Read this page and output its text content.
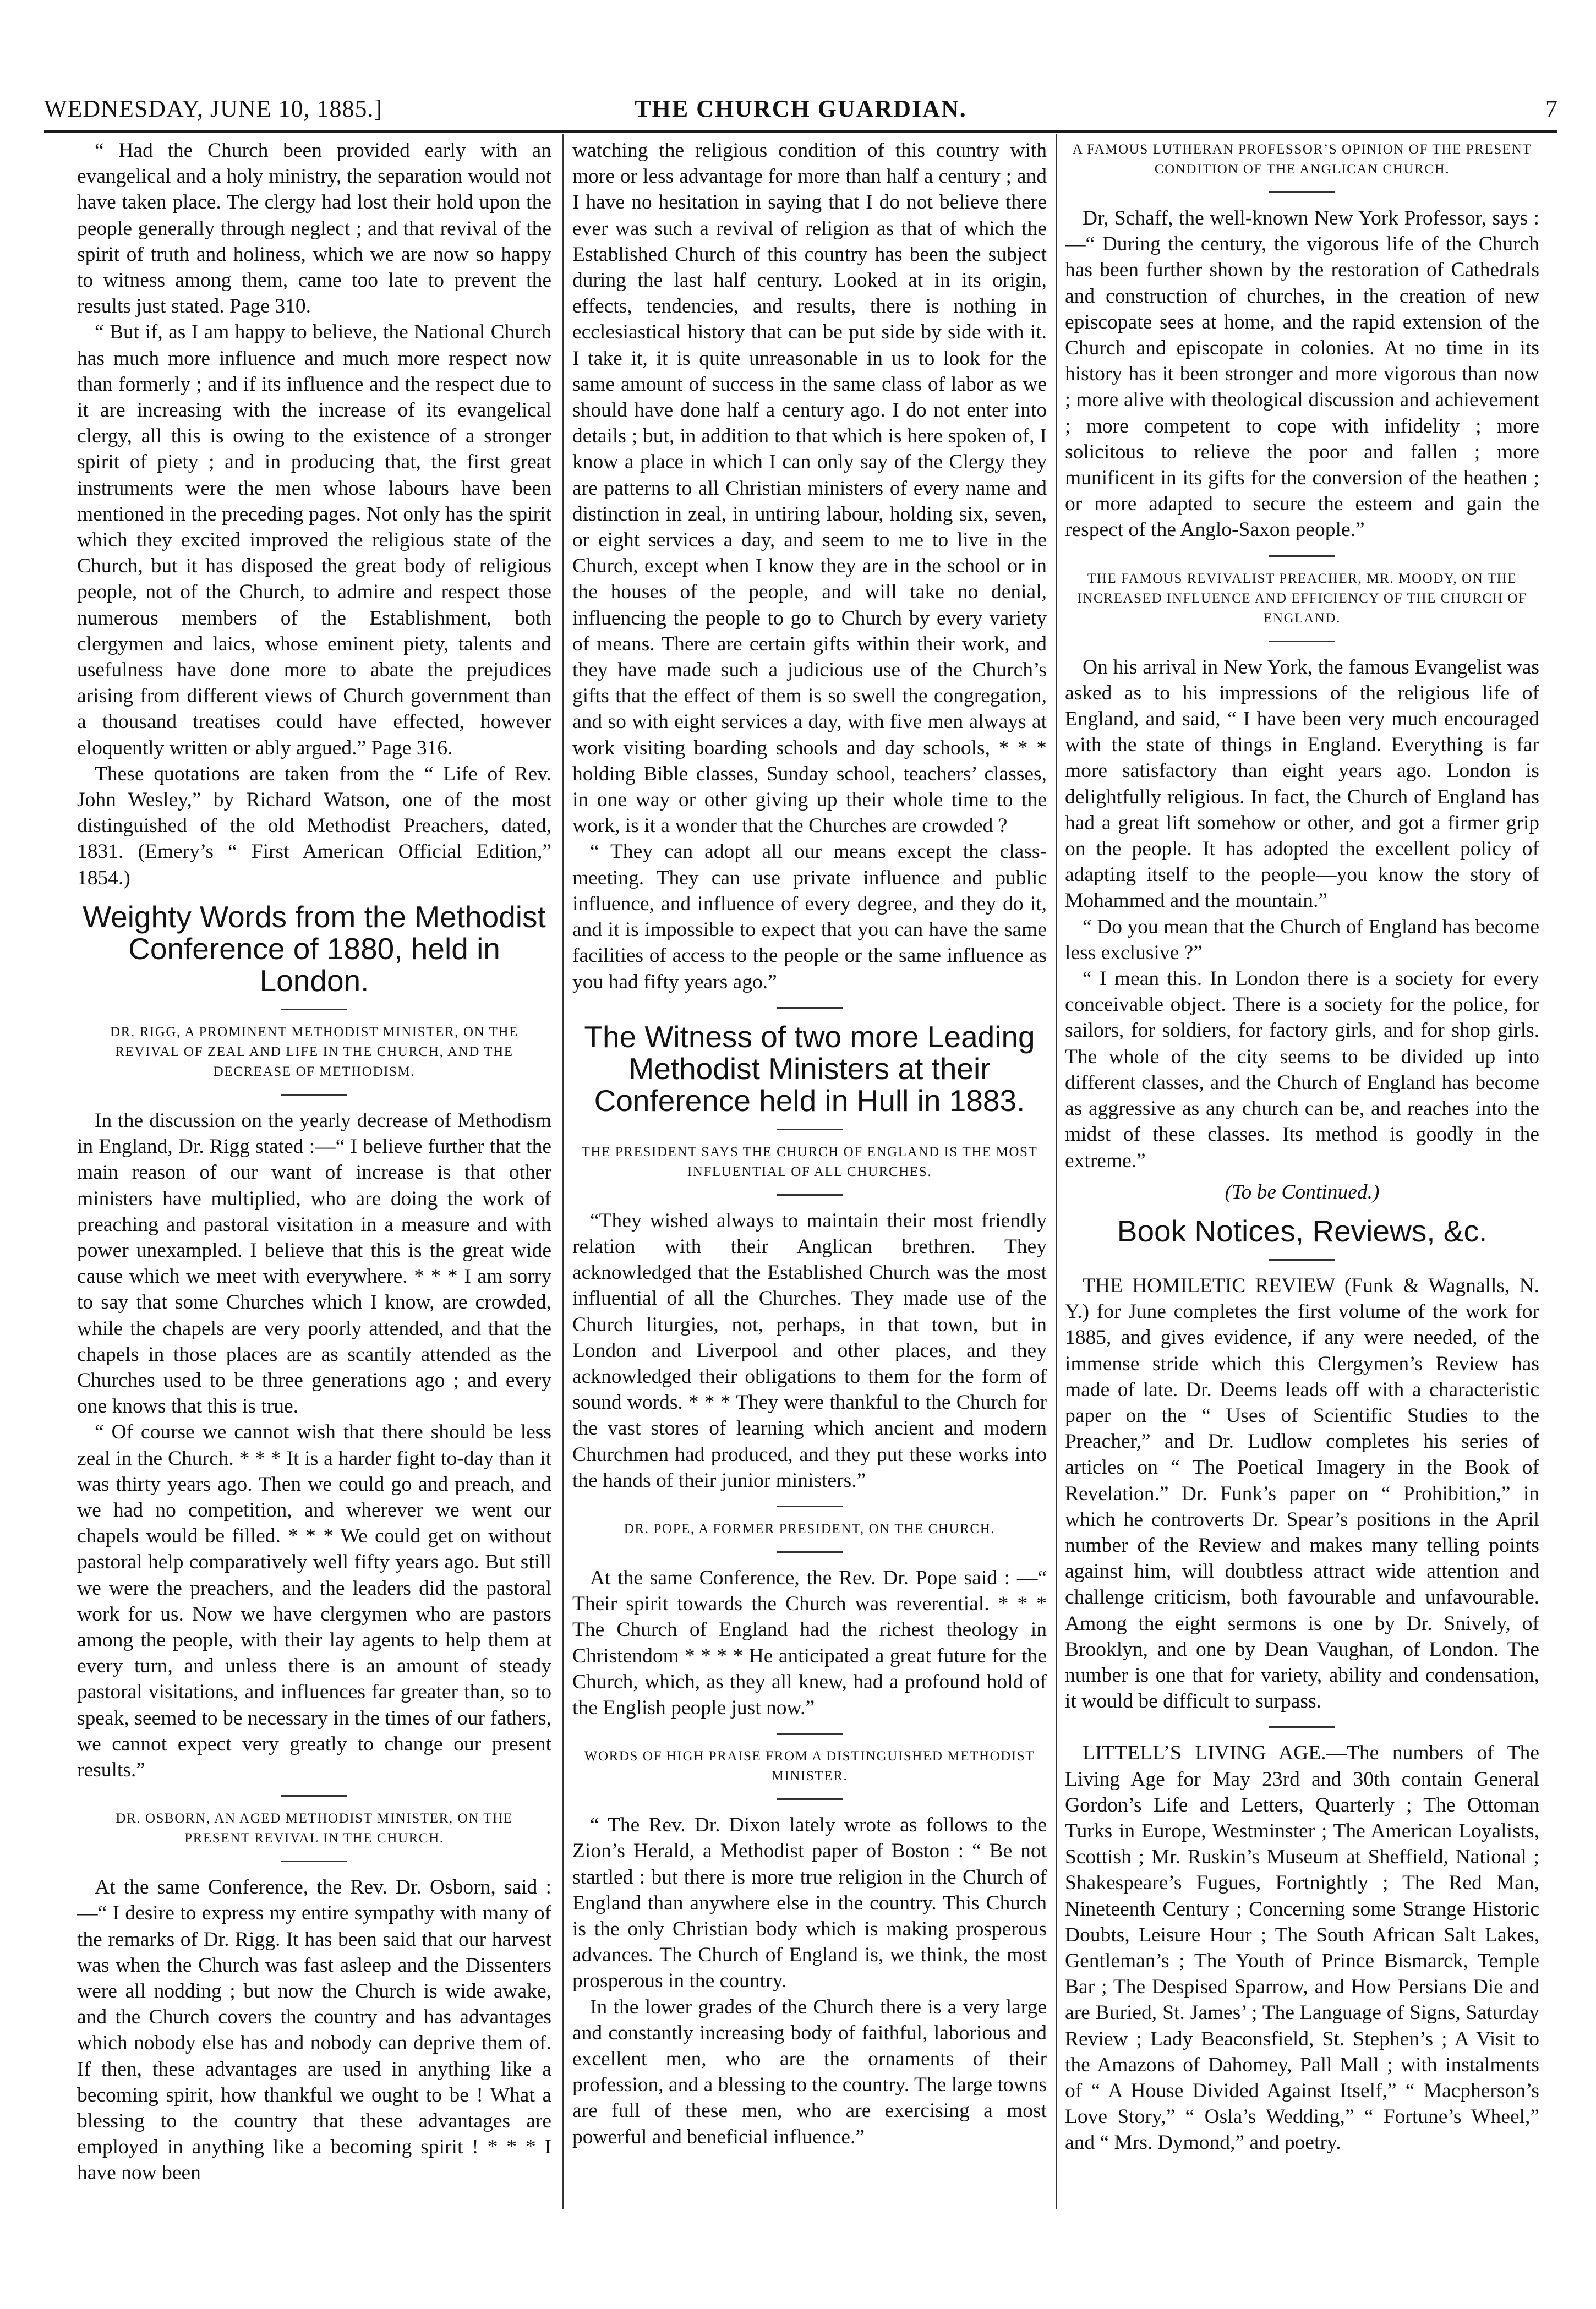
WEDNESDAY, JUNE 10, 1885.]	THE CHURCH GUARDIAN.	7

“ Had the Church been provided early with an evangelical and a holy ministry, the separation would not have taken place. The clergy had lost their hold upon the people generally through neglect ; and that revival of the spirit of truth and holiness, which we are now so happy to witness among them, came too late to prevent the results just stated. Page 310.

“ But if, as I am happy to believe, the National Church has much more influence and much more respect now than formerly ; and if its influence and the respect due to it are increasing with the increase of its evangelical clergy, all this is owing to the existence of a stronger spirit of piety ; and in producing that, the first great instruments were the men whose labours have been mentioned in the preceding pages. Not only has the spirit which they excited improved the religious state of the Church, but it has disposed the great body of religious people, not of the Church, to admire and respect those numerous members of the Establishment, both clergymen and laics, whose eminent piety, talents and usefulness have done more to abate the prejudices arising from different views of Church government than a thousand treatises could have effected, however eloquently written or ably argued.” Page 316.

These quotations are taken from the “ Life of Rev. John Wesley,” by Richard Watson, one of the most distinguished of the old Methodist Preachers, dated, 1831. (Emery’s “ First American Official Edition,” 1854.)

Weighty Words from the Methodist Conference of 1880, held in London.
DR. RIGG, A PROMINENT METHODIST MINISTER, ON THE REVIVAL OF ZEAL AND LIFE IN THE CHURCH, AND THE DECREASE OF METHODISM.

In the discussion on the yearly decrease of Methodism in England, Dr. Rigg stated :—“ I believe further that the main reason of our want of increase is that other ministers have multiplied, who are doing the work of preaching and pastoral visitation in a measure and with power unexampled. I believe that this is the great wide cause which we meet with everywhere. * * * I am sorry to say that some Churches which I know, are crowded, while the chapels are very poorly attended, and that the chapels in those places are as scantily attended as the Churches used to be three generations ago ; and every one knows that this is true.

“ Of course we cannot wish that there should be less zeal in the Church. * * * It is a harder fight to-day than it was thirty years ago. Then we could go and preach, and we had no competition, and wherever we went our chapels would be filled. * * * We could get on without pastoral help comparatively well fifty years ago. But still we were the preachers, and the leaders did the pastoral work for us. Now we have clergymen who are pastors among the people, with their lay agents to help them at every turn, and unless there is an amount of steady pastoral visitations, and influences far greater than, so to speak, seemed to be necessary in the times of our fathers, we cannot expect very greatly to change our present results.”

DR. OSBORN, AN AGED METHODIST MINISTER, ON THE PRESENT REVIVAL IN THE CHURCH.

At the same Conference, the Rev. Dr. Osborn, said :—“ I desire to express my entire sympathy with many of the remarks of Dr. Rigg. It has been said that our harvest was when the Church was fast asleep and the Dissenters were all nodding ; but now the Church is wide awake, and the Church covers the country and has advantages which nobody else has and nobody can deprive them of. If then, these advantages are used in anything like a becoming spirit, how thankful we ought to be ! What a blessing to the country that these advantages are employed in anything like a becoming spirit ! * * * I have now been

watching the religious condition of this country with more or less advantage for more than half a century ; and I have no hesitation in saying that I do not believe there ever was such a revival of religion as that of which the Established Church of this country has been the subject during the last half century. Looked at in its origin, effects, tendencies, and results, there is nothing in ecclesiastical history that can be put side by side with it. I take it, it is quite unreasonable in us to look for the same amount of success in the same class of labor as we should have done half a century ago. I do not enter into details ; but, in addition to that which is here spoken of, I know a place in which I can only say of the Clergy they are patterns to all Christian ministers of every name and distinction in zeal, in untiring labour, holding six, seven, or eight services a day, and seem to me to live in the Church, except when I know they are in the school or in the houses of the people, and will take no denial, influencing the people to go to Church by every variety of means. There are certain gifts within their work, and they have made such a judicious use of the Church’s gifts that the effect of them is so swell the congregation, and so with eight services a day, with five men always at work visiting boarding schools and day schools, * * * holding Bible classes, Sunday school, teachers’ classes, in one way or other giving up their whole time to the work, is it a wonder that the Churches are crowded ?

“ They can adopt all our means except the class-meeting. They can use private influence and public influence, and influence of every degree, and they do it, and it is impossible to expect that you can have the same facilities of access to the people or the same influence as you had fifty years ago.”

The Witness of two more Leading Methodist Ministers at their Conference held in Hull in 1883.
THE PRESIDENT SAYS THE CHURCH OF ENGLAND IS THE MOST INFLUENTIAL OF ALL CHURCHES.

“They wished always to maintain their most friendly relation with their Anglican brethren. They acknowledged that the Established Church was the most influential of all the Churches. They made use of the Church liturgies, not, perhaps, in that town, but in London and Liverpool and other places, and they acknowledged their obligations to them for the form of sound words. * * * They were thankful to the Church for the vast stores of learning which ancient and modern Churchmen had produced, and they put these works into the hands of their junior ministers.”

DR. POPE, A FORMER PRESIDENT, ON THE CHURCH.

At the same Conference, the Rev. Dr. Pope said : —“ Their spirit towards the Church was reverential. * * * The Church of England had the richest theology in Christendom * * * * He anticipated a great future for the Church, which, as they all knew, had a profound hold of the English people just now.”

WORDS OF HIGH PRAISE FROM A DISTINGUISHED METHODIST MINISTER.

“ The Rev. Dr. Dixon lately wrote as follows to the Zion’s Herald, a Methodist paper of Boston : “ Be not startled : but there is more true religion in the Church of England than anywhere else in the country. This Church is the only Christian body which is making prosperous advances. The Church of England is, we think, the most prosperous in the country.

In the lower grades of the Church there is a very large and constantly increasing body of faithful, laborious and excellent men, who are the ornaments of their profession, and a blessing to the country. The large towns are full of these men, who are exercising a most powerful and beneficial influence.”

A FAMOUS LUTHERAN PROFESSOR’S OPINION OF THE PRESENT CONDITION OF THE ANGLICAN CHURCH.

Dr, Schaff, the well-known New York Professor, says :—“ During the century, the vigorous life of the Church has been further shown by the restoration of Cathedrals and construction of churches, in the creation of new episcopate sees at home, and the rapid extension of the Church and episcopate in colonies. At no time in its history has it been stronger and more vigorous than now ; more alive with theological discussion and achievement ; more competent to cope with infidelity ; more solicitous to relieve the poor and fallen ; more munificent in its gifts for the conversion of the heathen ; or more adapted to secure the esteem and gain the respect of the Anglo-Saxon people.”

THE FAMOUS REVIVALIST PREACHER, MR. MOODY, ON THE INCREASED INFLUENCE AND EFFICIENCY OF THE CHURCH OF ENGLAND.

On his arrival in New York, the famous Evangelist was asked as to his impressions of the religious life of England, and said, “ I have been very much encouraged with the state of things in England. Everything is far more satisfactory than eight years ago. London is delightfully religious. In fact, the Church of England has had a great lift somehow or other, and got a firmer grip on the people. It has adopted the excellent policy of adapting itself to the people—you know the story of Mohammed and the mountain.”

“ Do you mean that the Church of England has become less exclusive ?”

“ I mean this. In London there is a society for every conceivable object. There is a society for the police, for sailors, for soldiers, for factory girls, and for shop girls. The whole of the city seems to be divided up into different classes, and the Church of England has become as aggressive as any church can be, and reaches into the midst of these classes. Its method is goodly in the extreme.”

(To be Continued.)
Book Notices, Reviews, &c.

THE HOMILETIC REVIEW (Funk & Wagnalls, N. Y.) for June completes the first volume of the work for 1885, and gives evidence, if any were needed, of the immense stride which this Clergymen’s Review has made of late. Dr. Deems leads off with a characteristic paper on the “ Uses of Scientific Studies to the Preacher,” and Dr. Ludlow completes his series of articles on “ The Poetical Imagery in the Book of Revelation.” Dr. Funk’s paper on “ Prohibition,” in which he controverts Dr. Spear’s positions in the April number of the Review and makes many telling points against him, will doubtless attract wide attention and challenge criticism, both favourable and unfavourable. Among the eight sermons is one by Dr. Snively, of Brooklyn, and one by Dean Vaughan, of London. The number is one that for variety, ability and condensation, it would be difficult to surpass.

LITTELL’S LIVING AGE.—The numbers of The Living Age for May 23rd and 30th contain General Gordon’s Life and Letters, Quarterly ; The Ottoman Turks in Europe, Westminster ; The American Loyalists, Scottish ; Mr. Ruskin’s Museum at Sheffield, National ; Shakespeare’s Fugues, Fortnightly ; The Red Man, Nineteenth Century ; Concerning some Strange Historic Doubts, Leisure Hour ; The South African Salt Lakes, Gentleman’s ; The Youth of Prince Bismarck, Temple Bar ; The Despised Sparrow, and How Persians Die and are Buried, St. James’ ; The Language of Signs, Saturday Review ; Lady Beaconsfield, St. Stephen’s ; A Visit to the Amazons of Dahomey, Pall Mall ; with instalments of “ A House Divided Against Itself,” “ Macpherson’s Love Story,” “ Osla’s Wedding,” “ Fortune’s Wheel,” and “ Mrs. Dymond,” and poetry.
